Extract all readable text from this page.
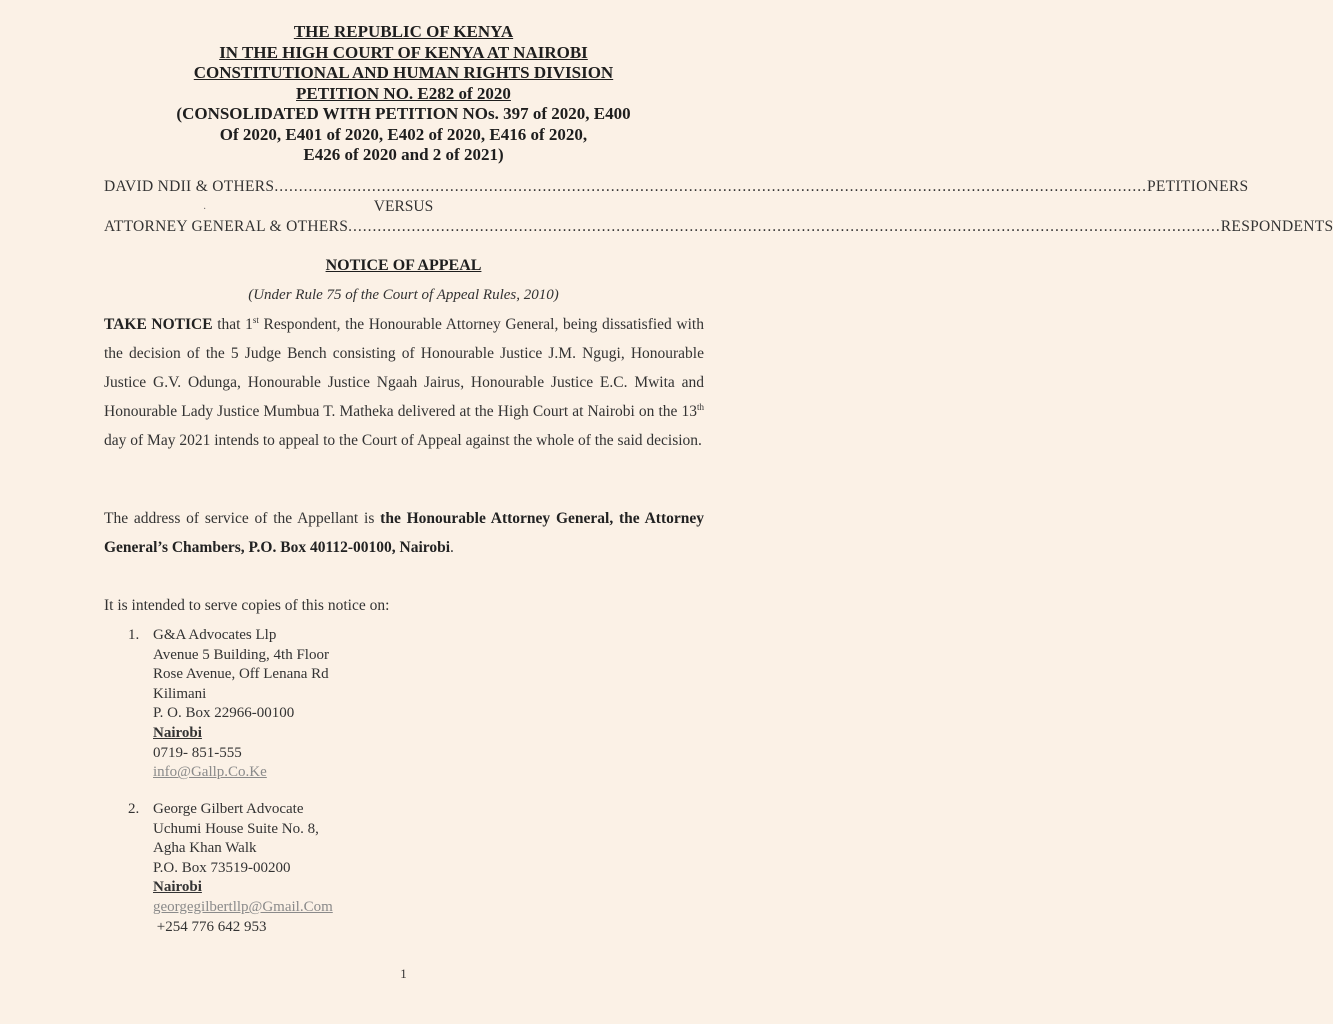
THE REPUBLIC OF KENYA
IN THE HIGH COURT OF KENYA AT NAIROBI
CONSTITUTIONAL AND HUMAN RIGHTS DIVISION
PETITION NO. E282 of 2020
(CONSOLIDATED WITH PETITION NOs. 397 of 2020, E400
Of 2020, E401 of 2020, E402 of 2020, E416 of 2020,
E426 of 2020 and 2 of 2021)
DAVID NDII & OTHERS ................................................................................................................................................................................... PETITIONERS
·	VERSUS
ATTORNEY GENERAL & OTHERS ................................................................................................................................................................................... RESPONDENTS
NOTICE OF APPEAL
(Under Rule 75 of the Court of Appeal Rules, 2010)
TAKE NOTICE that 1st Respondent, the Honourable Attorney General, being dissatisfied with the decision of the 5 Judge Bench consisting of Honourable Justice J.M. Ngugi, Honourable Justice G.V. Odunga, Honourable Justice Ngaah Jairus, Honourable Justice E.C. Mwita and Honourable Lady Justice Mumbua T. Matheka delivered at the High Court at Nairobi on the 13th day of May 2021 intends to appeal to the Court of Appeal against the whole of the said decision.
The address of service of the Appellant is the Honourable Attorney General, the Attorney General’s Chambers, P.O. Box 40112-00100, Nairobi.
It is intended to serve copies of this notice on:
1. G&A Advocates Llp
Avenue 5 Building, 4th Floor
Rose Avenue, Off Lenana Rd
Kilimani
P. O. Box 22966-00100
Nairobi
0719- 851-555
info@Gallp.Co.Ke
2. George Gilbert Advocate
Uchumi House Suite No. 8,
Agha Khan Walk
P.O. Box 73519-00200
Nairobi
georgegilbertllp@Gmail.Com
+254 776 642 953
1
